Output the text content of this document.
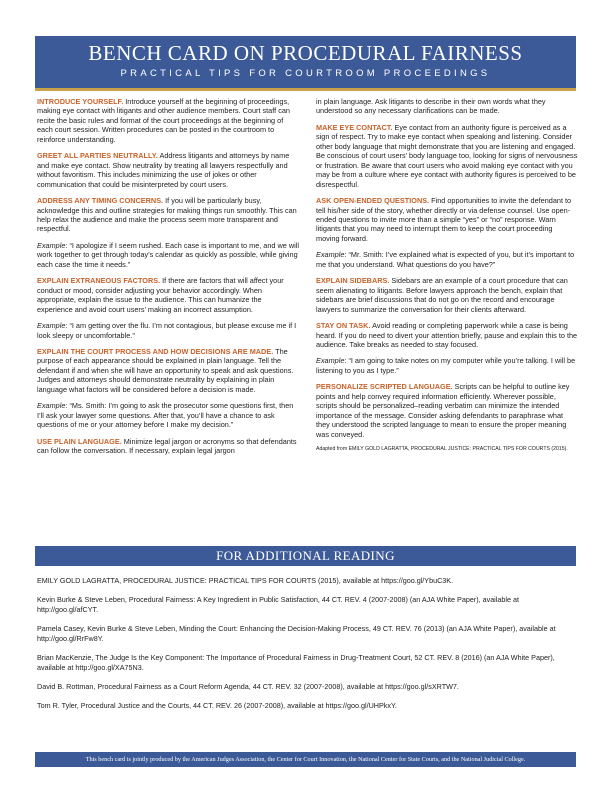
BENCH CARD ON PROCEDURAL FAIRNESS
PRACTICAL TIPS FOR COURTROOM PROCEEDINGS

INTRODUCE YOURSELF. Introduce yourself at the beginning of proceedings, making eye contact with litigants and other audience members. Court staff can recite the basic rules and format of the court proceedings at the beginning of each court session. Written procedures can be posted in the courtroom to reinforce understanding.

GREET ALL PARTIES NEUTRALLY. Address litigants and attorneys by name and make eye contact. Show neutrality by treating all lawyers respectfully and without favoritism. This includes minimizing the use of jokes or other communication that could be misinterpreted by court users.

ADDRESS ANY TIMING CONCERNS. If you will be particularly busy, acknowledge this and outline strategies for making things run smoothly. This can help relax the audience and make the process seem more transparent and respectful.

Example: “I apologize if I seem rushed. Each case is important to me, and we will work together to get through today’s calendar as quickly as possible, while giving each case the time it needs.”

EXPLAIN EXTRANEOUS FACTORS. If there are factors that will affect your conduct or mood, consider adjusting your behavior accordingly. When appropriate, explain the issue to the audience. This can humanize the experience and avoid court users’ making an incorrect assumption.

Example: “I am getting over the flu. I’m not contagious, but please excuse me if I look sleepy or uncomfortable.”

EXPLAIN THE COURT PROCESS AND HOW DECISIONS ARE MADE. The purpose of each appearance should be explained in plain language. Tell the defendant if and when she will have an opportunity to speak and ask questions. Judges and attorneys should demonstrate neutrality by explaining in plain language what factors will be considered before a decision is made.

Example: “Ms. Smith: I’m going to ask the prosecutor some questions first, then I’ll ask your lawyer some questions. After that, you’ll have a chance to ask questions of me or your attorney before I make my decision.”

USE PLAIN LANGUAGE. Minimize legal jargon or acronyms so that defendants can follow the conversation. If necessary, explain legal jargon

in plain language. Ask litigants to describe in their own words what they understood so any necessary clarifications can be made.

MAKE EYE CONTACT. Eye contact from an authority figure is perceived as a sign of respect. Try to make eye contact when speaking and listening. Consider other body language that might demonstrate that you are listening and engaged. Be conscious of court users’ body language too, looking for signs of nervousness or frustration. Be aware that court users who avoid making eye contact with you may be from a culture where eye contact with authority figures is perceived to be disrespectful.

ASK OPEN-ENDED QUESTIONS. Find opportunities to invite the defendant to tell his/her side of the story, whether directly or via defense counsel. Use open-ended questions to invite more than a simple “yes” or “no” response. Warn litigants that you may need to interrupt them to keep the court proceeding moving forward.

Example: “Mr. Smith: I’ve explained what is expected of you, but it’s important to me that you understand. What questions do you have?”

EXPLAIN SIDEBARS. Sidebars are an example of a court procedure that can seem alienating to litigants. Before lawyers approach the bench, explain that sidebars are brief discussions that do not go on the record and encourage lawyers to summarize the conversation for their clients afterward.

STAY ON TASK. Avoid reading or completing paperwork while a case is being heard. If you do need to divert your attention briefly, pause and explain this to the audience. Take breaks as needed to stay focused.

Example: “I am going to take notes on my computer while you’re talking. I will be listening to you as I type.”

PERSONALIZE SCRIPTED LANGUAGE. Scripts can be helpful to outline key points and help convey required information efficiently. Wherever possible, scripts should be personalized–reading verbatim can minimize the intended importance of the message. Consider asking defendants to paraphrase what they understood the scripted language to mean to ensure the proper meaning was conveyed.

Adapted from EMILY GOLD LAGRATTA, PROCEDURAL JUSTICE: PRACTICAL TIPS FOR COURTS (2015).
FOR ADDITIONAL READING
EMILY GOLD LAGRATTA, PROCEDURAL JUSTICE: PRACTICAL TIPS FOR COURTS (2015), available at https://goo.gl/YbuC3K.
Kevin Burke & Steve Leben, Procedural Fairness: A Key Ingredient in Public Satisfaction, 44 CT. REV. 4 (2007-2008) (an AJA White Paper), available at http://goo.gl/afCYT.
Pamela Casey, Kevin Burke & Steve Leben, Minding the Court: Enhancing the Decision-Making Process, 49 CT. REV. 76 (2013) (an AJA White Paper), available at http://goo.gl/RrFw8Y.
Brian MacKenzie, The Judge Is the Key Component: The Importance of Procedural Fairness in Drug-Treatment Court, 52 CT. REV. 8 (2016) (an AJA White Paper), available at http://goo.gl/XA75N3.
David B. Rottman, Procedural Fairness as a Court Reform Agenda, 44 CT. REV. 32 (2007-2008), available at https://goo.gl/sXRTW7.
Tom R. Tyler, Procedural Justice and the Courts, 44 CT. REV. 26 (2007-2008), available at https://goo.gl/UHPkxY.
This bench card is jointly produced by the American Judges Association, the Center for Court Innovation, the National Center for State Courts, and the National Judicial College.
